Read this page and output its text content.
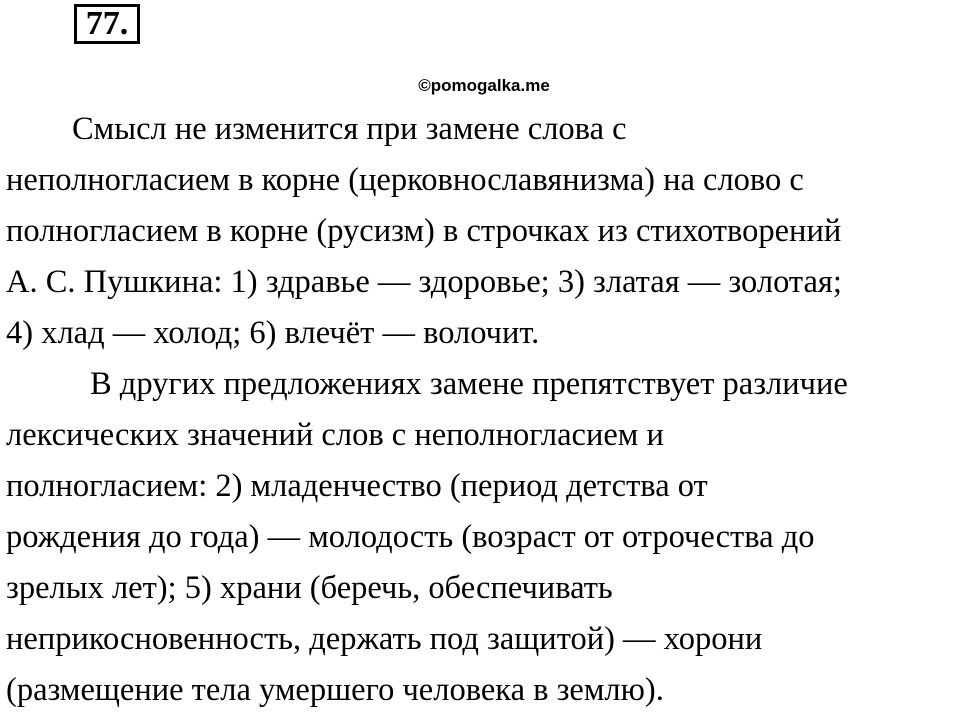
77.
©pomogalka.me
Смысл не изменится при замене слова с
неполногласием в корне (церковнославянизма) на слово с
полногласием в корне (русизм) в строчках из стихотворений
А. С. Пушкина: 1) здравье — здоровье; 3) златая — золотая;
4) хлад — холод; 6) влечёт — волочит.
В других предложениях замене препятствует различие
лексических значений слов с неполногласием и
полногласием: 2) младенчество (период детства от
рождения до года) — молодость (возраст от отрочества до
зрелых лет); 5) храни (беречь, обеспечивать
неприкосновенность, держать под защитой) — хорони
(размещение тела умершего человека в землю).
